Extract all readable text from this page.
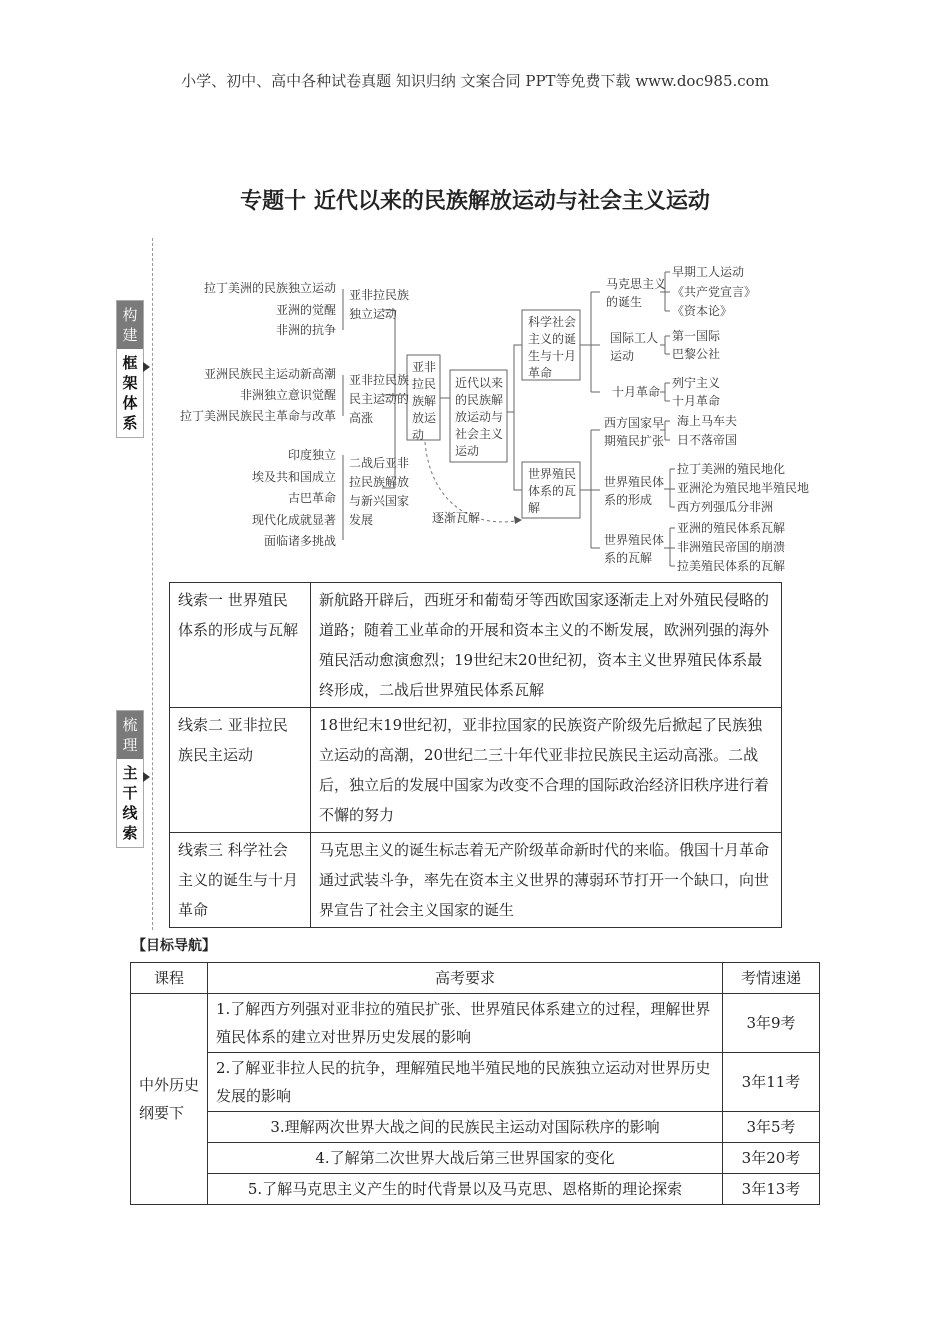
小学、初中、高中各种试卷真题 知识归纳 文案合同 PPT等免费下载 www.doc985.com
专题十 近代以来的民族解放运动与社会主义运动
构
建
框
架
体
系
梳
理
主
干
线
索
亚非
拉民
族解
放运
动
近代以来
的民族解
放运动与
社会主义
运动
亚非拉民族
独立运动
亚非拉民族
民主运动的
高涨
二战后亚非
拉民族解放
与新兴国家
发展
科学社会
主义的诞
生与十月
革命
世界殖民
体系的瓦
解
马克思主义
的诞生
国际工人
运动
十月革命
西方国家早
期殖民扩张
世界殖民体
系的形成
世界殖民体
系的瓦解
逐渐瓦解
拉丁美洲的民族独立运动
亚洲的觉醒
非洲的抗争
亚洲民族民主运动新高潮
非洲独立意识觉醒
拉丁美洲民族民主革命与改革
印度独立
埃及共和国成立
古巴革命
现代化成就显著
面临诸多挑战
早期工人运动
《共产党宣言》
《资本论》
第一国际
巴黎公社
列宁主义
十月革命
海上马车夫
日不落帝国
拉丁美洲的殖民地化
亚洲沦为殖民地半殖民地
西方列强瓜分非洲
亚洲的殖民体系瓦解
非洲殖民帝国的崩溃
拉美殖民体系的瓦解
线索一 世界殖民体系的形成与瓦解	新航路开辟后，西班牙和葡萄牙等西欧国家逐渐走上对外殖民侵略的道路；随着工业革命的开展和资本主义的不断发展，欧洲列强的海外殖民活动愈演愈烈；19世纪末20世纪初，资本主义世界殖民体系最终形成，二战后世界殖民体系瓦解
线索二 亚非拉民族民主运动	18世纪末19世纪初，亚非拉国家的民族资产阶级先后掀起了民族独立运动的高潮，20世纪二三十年代亚非拉民族民主运动高涨。二战后，独立后的发展中国家为改变不合理的国际政治经济旧秩序进行着不懈的努力
线索三 科学社会主义的诞生与十月革命	马克思主义的诞生标志着无产阶级革命新时代的来临。俄国十月革命通过武装斗争，率先在资本主义世界的薄弱环节打开一个缺口，向世界宣告了社会主义国家的诞生
【目标导航】
课程	高考要求	考情速递
中外历史纲要下	1.了解西方列强对亚非拉的殖民扩张、世界殖民体系建立的过程，理解世界殖民体系的建立对世界历史发展的影响	3年9考
	2.了解亚非拉人民的抗争，理解殖民地半殖民地的民族独立运动对世界历史发展的影响	3年11考
	3.理解两次世界大战之间的民族民主运动对国际秩序的影响	3年5考
	4.了解第二次世界大战后第三世界国家的变化	3年20考
	5.了解马克思主义产生的时代背景以及马克思、恩格斯的理论探索	3年13考
